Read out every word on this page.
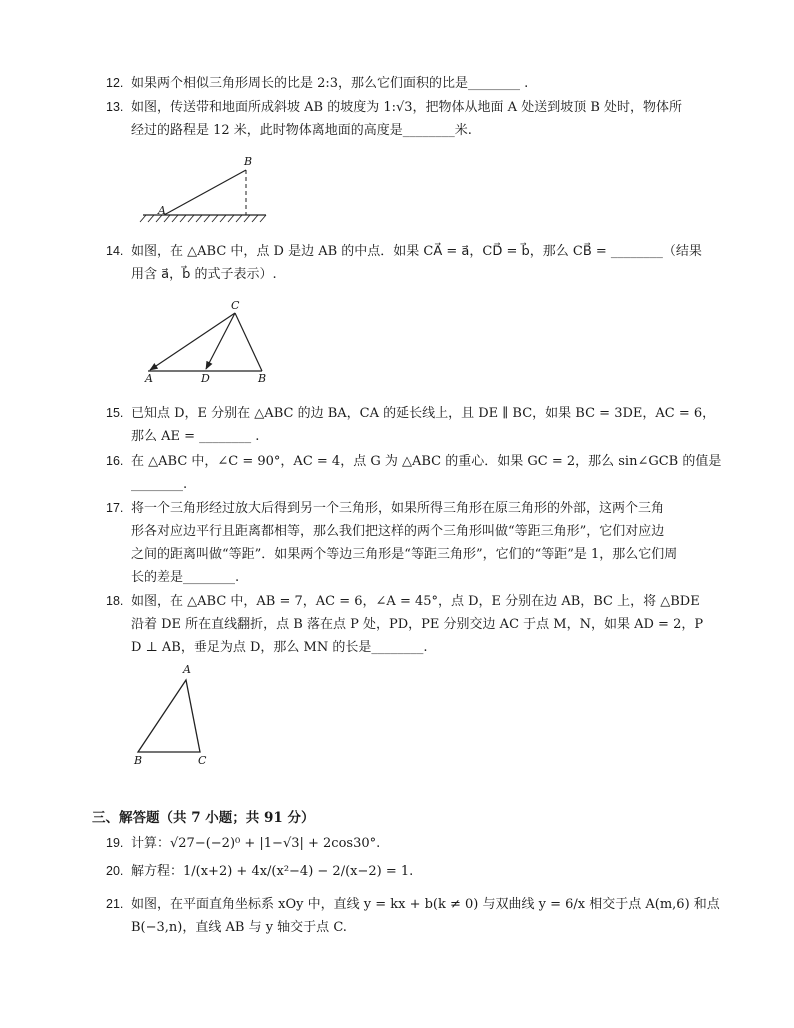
12. 如果两个相似三角形周长的比是 2:3，那么它们面积的比是________ .
13. 如图，传送带和地面所成斜坡 AB 的坡度为 1:√3，把物体从地面 A 处送到坡顶 B 处时，物体所
经过的路程是 12 米，此时物体离地面的高度是________米.
A
B
14. 如图，在 △ABC 中，点 D 是边 AB 的中点．如果 CA⃗ = a⃗，CD⃗ = b⃗，那么 CB⃗ = ________（结果
用含 a⃗，b⃗ 的式子表示）.
A	D	B
C
15. 已知点 D，E 分别在 △ABC 的边 BA，CA 的延长线上，且 DE ∥ BC，如果 BC = 3DE，AC = 6，
那么 AE = ________ .
16. 在 △ABC 中，∠C = 90°，AC = 4，点 G 为 △ABC 的重心．如果 GC = 2，那么 sin∠GCB 的值是
________.
17. 将一个三角形经过放大后得到另一个三角形，如果所得三角形在原三角形的外部，这两个三角
形各对应边平行且距离都相等，那么我们把这样的两个三角形叫做“等距三角形”，它们对应边
之间的距离叫做“等距”．如果两个等边三角形是“等距三角形”，它们的“等距”是 1，那么它们周
长的差是________.
18. 如图，在 △ABC 中，AB = 7，AC = 6，∠A = 45°，点 D，E 分别在边 AB，BC 上，将 △BDE
沿着 DE 所在直线翻折，点 B 落在点 P 处，PD，PE 分别交边 AC 于点 M，N，如果 AD = 2，P
D ⊥ AB，垂足为点 D，那么 MN 的长是________.
A
B	C
三、解答题（共 7 小题；共 91 分）
19. 计算：√27−(−2)⁰ + |1−√3| + 2cos30°.
20. 解方程：1/(x+2) + 4x/(x²−4) − 2/(x−2) = 1.
21. 如图，在平面直角坐标系 xOy 中，直线 y = kx + b(k ≠ 0) 与双曲线 y = 6/x 相交于点 A(m,6) 和点
B(−3,n)，直线 AB 与 y 轴交于点 C.
